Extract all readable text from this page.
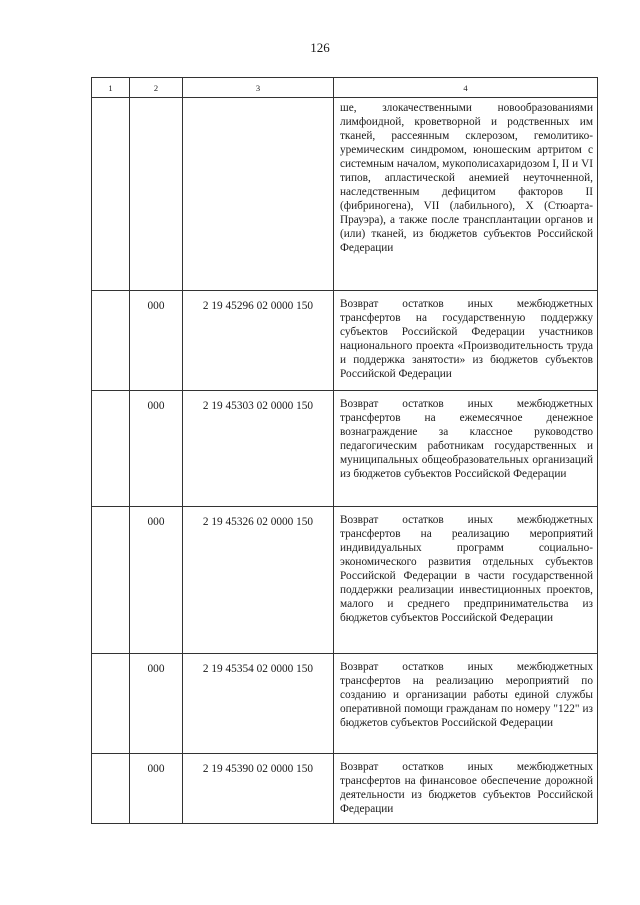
126
1	2	3	4
			ше, злокачественными новообразованиями лимфоидной, кроветворной и родственных им тканей, рассеянным склерозом, гемолитико-уремическим синдромом, юношеским артритом с системным началом, мукополисахаридозом I, II и VI типов, апластической анемией неуточненной, наследственным дефицитом факторов II (фибриногена), VII (лабильного), X (Стюарта-Прауэра), а также после трансплантации органов и (или) тканей, из бюджетов субъектов Российской Федерации
	000	2 19 45296 02 0000 150	Возврат остатков иных межбюджетных трансфертов на государственную поддержку субъектов Российской Федерации участников национального проекта «Производительность труда и поддержка занятости» из бюджетов субъектов Российской Федерации
	000	2 19 45303 02 0000 150	Возврат остатков иных межбюджетных трансфертов на ежемесячное денежное вознаграждение за классное руководство педагогическим работникам государственных и муниципальных общеобразовательных организаций из бюджетов субъектов Российской Федерации
	000	2 19 45326 02 0000 150	Возврат остатков иных межбюджетных трансфертов на реализацию мероприятий индивидуальных программ социально-экономического развития отдельных субъектов Российской Федерации в части государственной поддержки реализации инвестиционных проектов, малого и среднего предпринимательства из бюджетов субъектов Российской Федерации
	000	2 19 45354 02 0000 150	Возврат остатков иных межбюджетных трансфертов на реализацию мероприятий по созданию и организации работы единой службы оперативной помощи гражданам по номеру "122" из бюджетов субъектов Российской Федерации
	000	2 19 45390 02 0000 150	Возврат остатков иных межбюджетных трансфертов на финансовое обеспечение дорожной деятельности из бюджетов субъектов Российской Федерации
